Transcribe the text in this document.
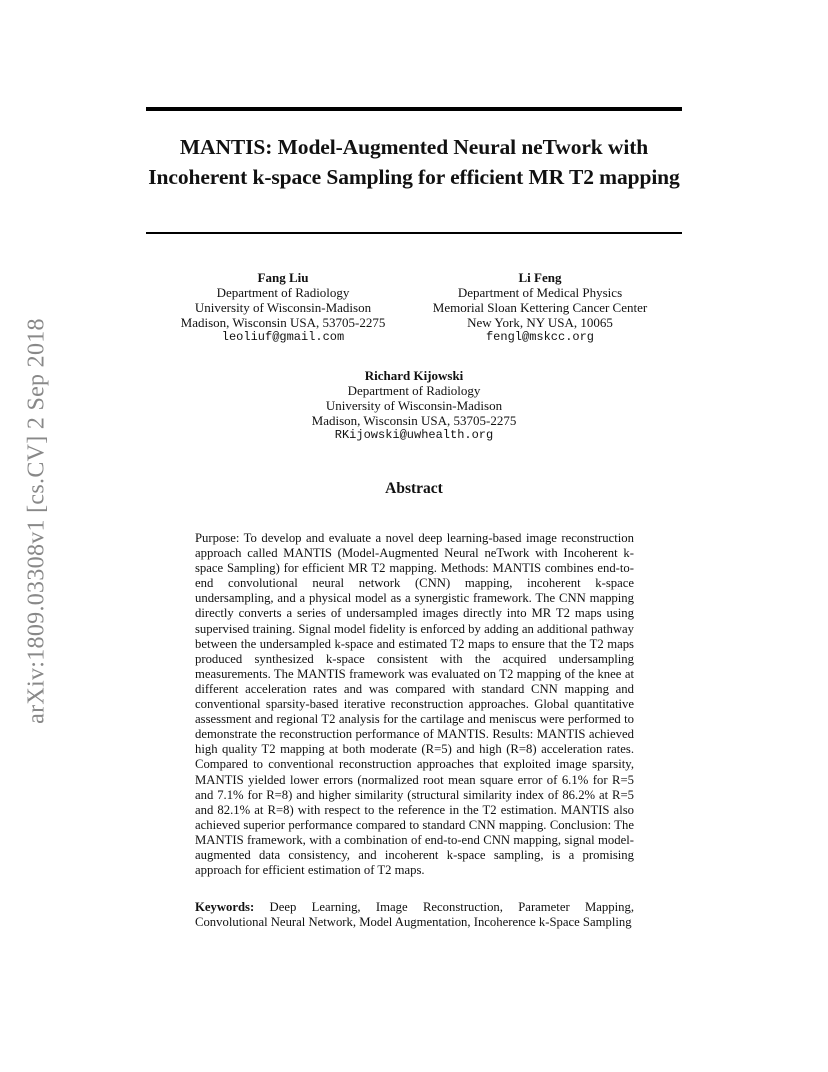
arXiv:1809.03308v1 [cs.CV] 2 Sep 2018
MANTIS: Model-Augmented Neural neTwork with Incoherent k-space Sampling for efficient MR T2 mapping
Fang Liu
Department of Radiology
University of Wisconsin-Madison
Madison, Wisconsin USA, 53705-2275
leoliuf@gmail.com
Li Feng
Department of Medical Physics
Memorial Sloan Kettering Cancer Center
New York, NY USA, 10065
fengl@mskcc.org
Richard Kijowski
Department of Radiology
University of Wisconsin-Madison
Madison, Wisconsin USA, 53705-2275
RKijowski@uwhealth.org
Abstract
Purpose: To develop and evaluate a novel deep learning-based image reconstruction approach called MANTIS (Model-Augmented Neural neTwork with Incoherent k-space Sampling) for efficient MR T2 mapping. Methods: MANTIS combines end-to-end convolutional neural network (CNN) mapping, incoherent k-space undersampling, and a physical model as a synergistic framework. The CNN mapping directly converts a series of undersampled images directly into MR T2 maps using supervised training. Signal model fidelity is enforced by adding an additional pathway between the undersampled k-space and estimated T2 maps to ensure that the T2 maps produced synthesized k-space consistent with the acquired undersampling measurements. The MANTIS framework was evaluated on T2 mapping of the knee at different acceleration rates and was compared with standard CNN mapping and conventional sparsity-based iterative reconstruction approaches. Global quantitative assessment and regional T2 analysis for the cartilage and meniscus were performed to demonstrate the reconstruction performance of MANTIS. Results: MANTIS achieved high quality T2 mapping at both moderate (R=5) and high (R=8) acceleration rates. Compared to conventional reconstruction approaches that exploited image sparsity, MANTIS yielded lower errors (normalized root mean square error of 6.1% for R=5 and 7.1% for R=8) and higher similarity (structural similarity index of 86.2% at R=5 and 82.1% at R=8) with respect to the reference in the T2 estimation. MANTIS also achieved superior performance compared to standard CNN mapping. Conclusion: The MANTIS framework, with a combination of end-to-end CNN mapping, signal model-augmented data consistency, and incoherent k-space sampling, is a promising approach for efficient estimation of T2 maps.
Keywords: Deep Learning, Image Reconstruction, Parameter Mapping, Convolutional Neural Network, Model Augmentation, Incoherence k-Space Sampling
